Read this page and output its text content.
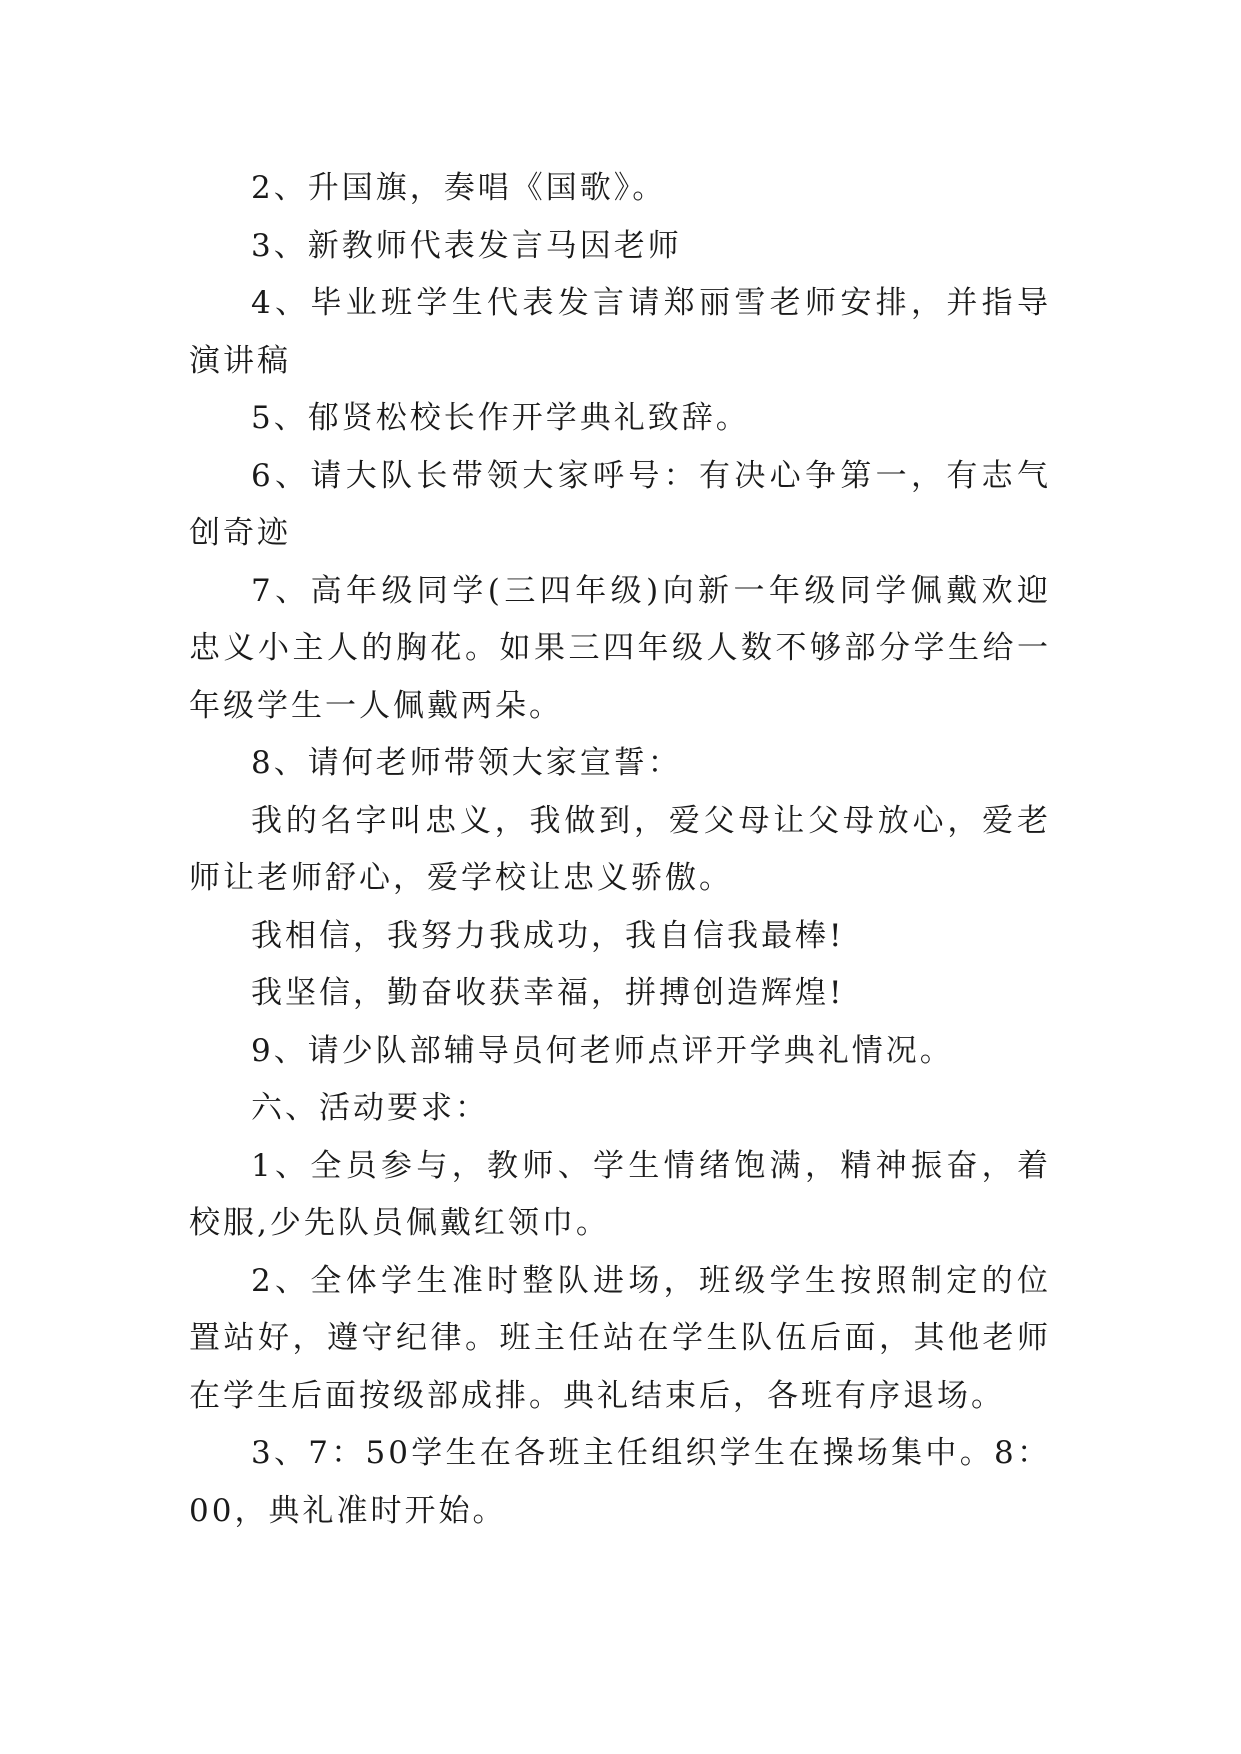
2、升国旗，奏唱《国歌》。

3、新教师代表发言马因老师

4、毕业班学生代表发言请郑丽雪老师安排，并指导演讲稿

5、郁贤松校长作开学典礼致辞。

6、请大队长带领大家呼号：有决心争第一，有志气创奇迹

7、高年级同学(三四年级)向新一年级同学佩戴欢迎忠义小主人的胸花。如果三四年级人数不够部分学生给一年级学生一人佩戴两朵。

8、请何老师带领大家宣誓：

我的名字叫忠义，我做到，爱父母让父母放心，爱老师让老师舒心，爱学校让忠义骄傲。

我相信，我努力我成功，我自信我最棒!

我坚信，勤奋收获幸福，拼搏创造辉煌!

9、请少队部辅导员何老师点评开学典礼情况。

六、活动要求：

1、全员参与，教师、学生情绪饱满，精神振奋，着校服,少先队员佩戴红领巾。

2、全体学生准时整队进场，班级学生按照制定的位置站好，遵守纪律。班主任站在学生队伍后面，其他老师在学生后面按级部成排。典礼结束后，各班有序退场。

3、7：50学生在各班主任组织学生在操场集中。8：00，典礼准时开始。
